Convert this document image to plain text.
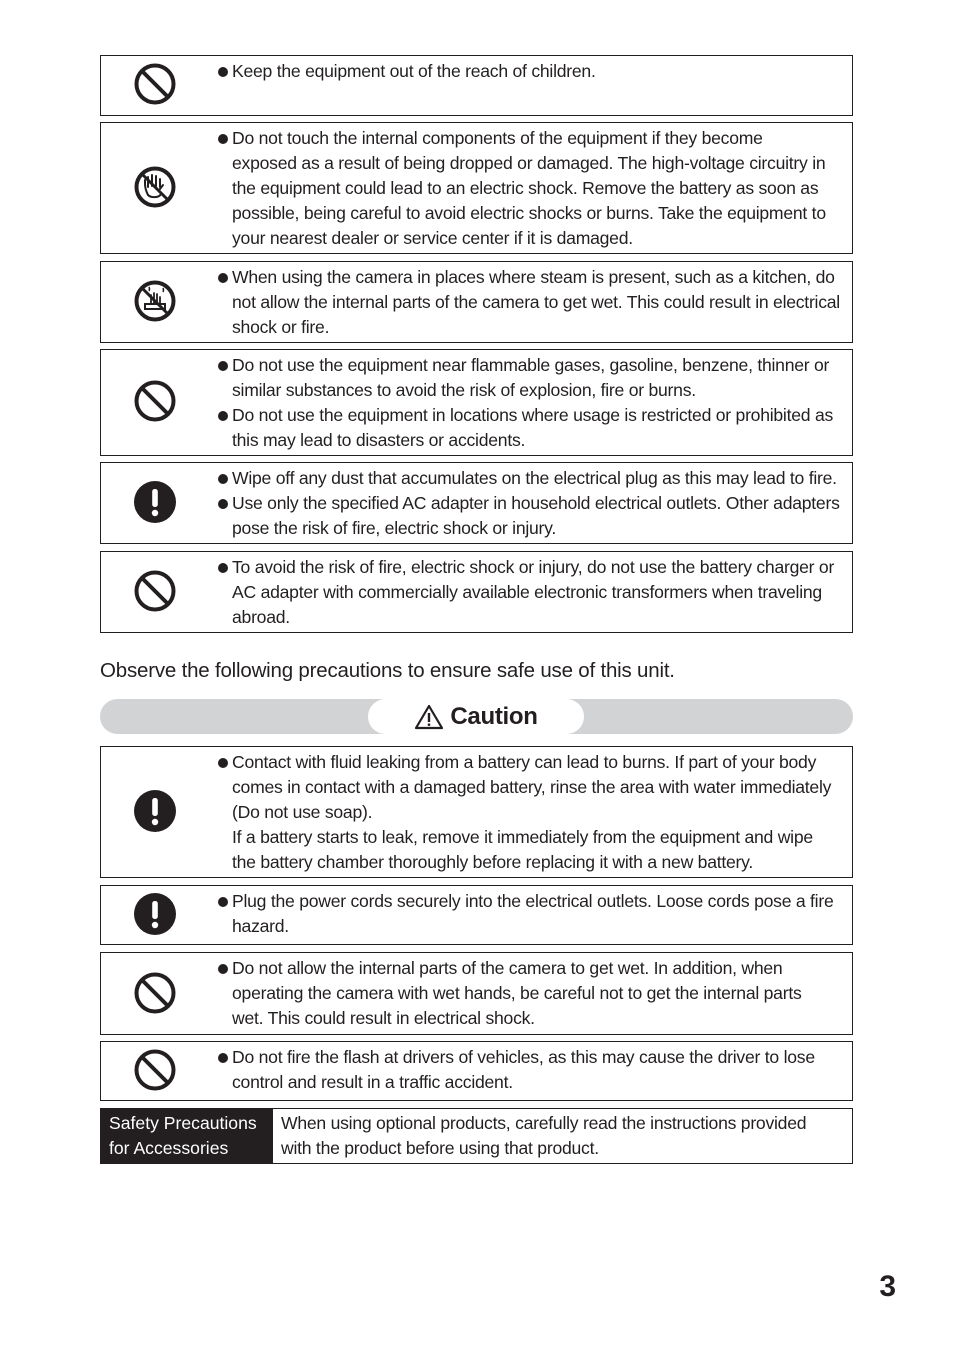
Keep the equipment out of the reach of children.
Do not touch the internal components of the equipment if they become
exposed as a result of being dropped or damaged. The high-voltage circuitry in
the equipment could lead to an electric shock. Remove the battery as soon as
possible, being careful to avoid electric shocks or burns. Take the equipment to
your nearest dealer or service center if it is damaged.
When using the camera in places where steam is present, such as a kitchen, do
not allow the internal parts of the camera to get wet. This could result in electrical
shock or fire.
Do not use the equipment near flammable gases, gasoline, benzene, thinner or
similar substances to avoid the risk of explosion, fire or burns.
Do not use the equipment in locations where usage is restricted or prohibited as
this may lead to disasters or accidents.
Wipe off any dust that accumulates on the electrical plug as this may lead to fire.
Use only the specified AC adapter in household electrical outlets. Other adapters
pose the risk of fire, electric shock or injury.
To avoid the risk of fire, electric shock or injury, do not use the battery charger or
AC adapter with commercially available electronic transformers when traveling
abroad.
Observe the following precautions to ensure safe use of this unit.
Caution
Contact with fluid leaking from a battery can lead to burns. If part of your body
comes in contact with a damaged battery, rinse the area with water immediately
(Do not use soap).
If a battery starts to leak, remove it immediately from the equipment and wipe
the battery chamber thoroughly before replacing it with a new battery.
Plug the power cords securely into the electrical outlets. Loose cords pose a fire
hazard.
Do not allow the internal parts of the camera to get wet. In addition, when
operating the camera with wet hands, be careful not to get the internal parts
wet. This could result in electrical shock.
Do not fire the flash at drivers of vehicles, as this may cause the driver to lose
control and result in a traffic accident.
Safety Precautions
for Accessories
When using optional products, carefully read the instructions provided
with the product before using that product.
3
